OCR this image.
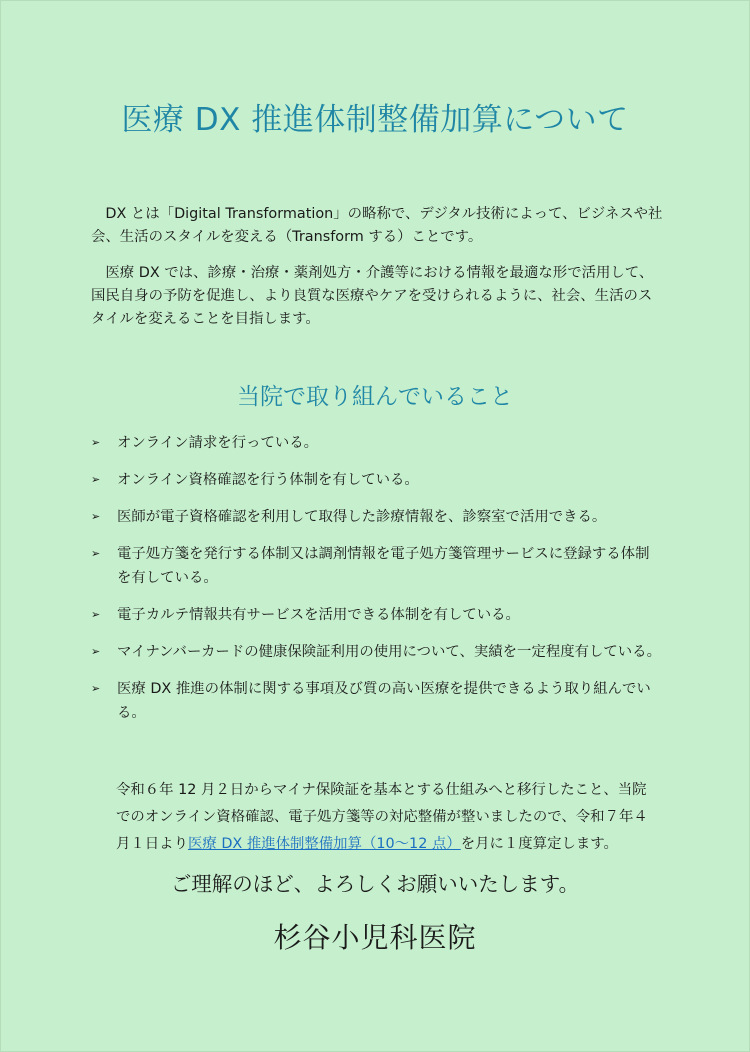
医療 DX 推進体制整備加算について

DX とは「Digital Transformation」の略称で、デジタル技術によって、ビジネスや社会、生活のスタイルを変える（Transform する）ことです。

医療 DX では、診療・治療・薬剤処方・介護等における情報を最適な形で活用して、国民自身の予防を促進し、より良質な医療やケアを受けられるように、社会、生活のスタイルを変えることを目指します。

当院で取り組んでいること
➢ オンライン請求を行っている。
➢ オンライン資格確認を行う体制を有している。
➢ 医師が電子資格確認を利用して取得した診療情報を、診察室で活用できる。
➢ 電子処方箋を発行する体制又は調剤情報を電子処方箋管理サービスに登録する体制を有している。
➢ 電子カルテ情報共有サービスを活用できる体制を有している。
➢ マイナンバーカードの健康保険証利用の使用について、実績を一定程度有している。
➢ 医療 DX 推進の体制に関する事項及び質の高い医療を提供できるよう取り組んでいる。

令和６年 12 月２日からマイナ保険証を基本とする仕組みへと移行したこと、当院でのオンライン資格確認、電子処方箋等の対応整備が整いましたので、令和７年４月１日より医療 DX 推進体制整備加算（10～12 点）を月に１度算定します。

ご理解のほど、よろしくお願いいたします。
杉谷小児科医院
